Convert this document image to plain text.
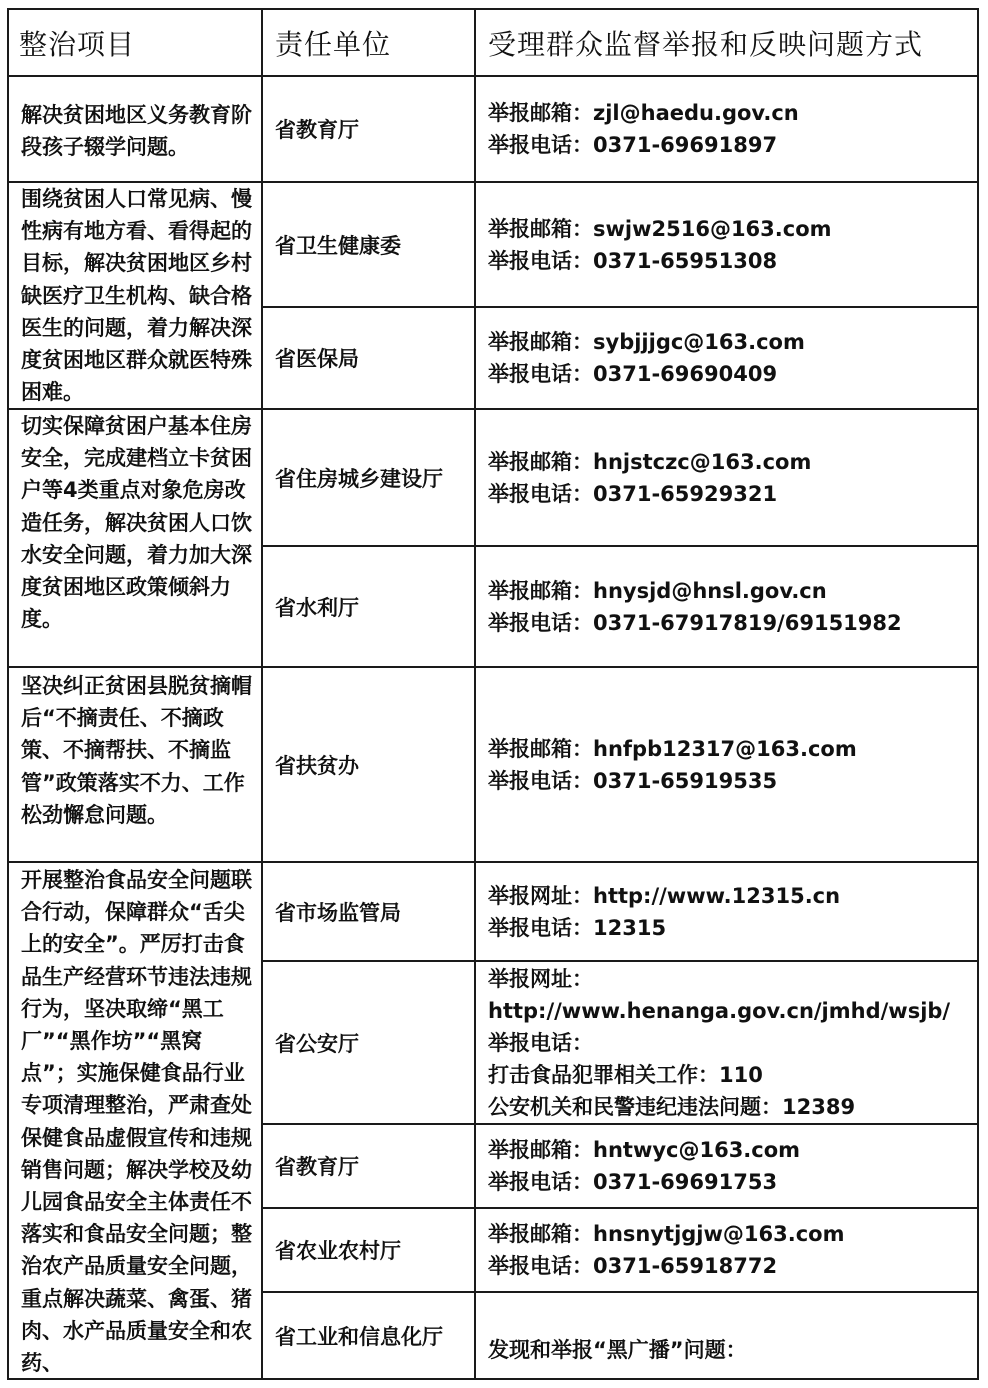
整治项目	责任单位	受理群众监督举报和反映问题方式
解决贫困地区义务教育阶段孩子辍学问题。
围绕贫困人口常见病、慢性病有地方看、看得起的目标，解决贫困地区乡村缺医疗卫生机构、缺合格医生的问题，着力解决深度贫困地区群众就医特殊困难。
切实保障贫困户基本住房安全，完成建档立卡贫困户等4类重点对象危房改造任务，解决贫困人口饮水安全问题，着力加大深度贫困地区政策倾斜力度。
坚决纠正贫困县脱贫摘帽后“不摘责任、不摘政策、不摘帮扶、不摘监管”政策落实不力、工作松劲懈怠问题。
开展整治食品安全问题联合行动，保障群众“舌尖上的安全”。严厉打击食品生产经营环节违法违规行为，坚决取缔“黑工厂”“黑作坊”“黑窝点”；实施保健食品行业专项清理整治，严肃查处保健食品虚假宣传和违规销售问题；解决学校及幼儿园食品安全主体责任不落实和食品安全问题；整治农产品质量安全问题，重点解决蔬菜、禽蛋、猪肉、水产品质量安全和农药、
省教育厅
省卫生健康委
省医保局
省住房城乡建设厅
省水利厅
省扶贫办
省市场监管局
省公安厅
省教育厅
省农业农村厅
省工业和信息化厅
举报邮箱：zjl@haedu.gov.cn
举报电话：0371-69691897
举报邮箱：swjw2516@163.com
举报电话：0371-65951308
举报邮箱：sybjjjgc@163.com
举报电话：0371-69690409
举报邮箱：hnjstczc@163.com
举报电话：0371-65929321
举报邮箱：hnysjd@hnsl.gov.cn
举报电话：0371-67917819/69151982
举报邮箱：hnfpb12317@163.com
举报电话：0371-65919535
举报网址：http://www.12315.cn
举报电话：12315
举报网址：
http://www.henanga.gov.cn/jmhd/wsjb/
举报电话：
打击食品犯罪相关工作：110
公安机关和民警违纪违法问题：12389
举报邮箱：hntwyc@163.com
举报电话：0371-69691753
举报邮箱：hnsnytjgjw@163.com
举报电话：0371-65918772
发现和举报“黑广播”问题：
